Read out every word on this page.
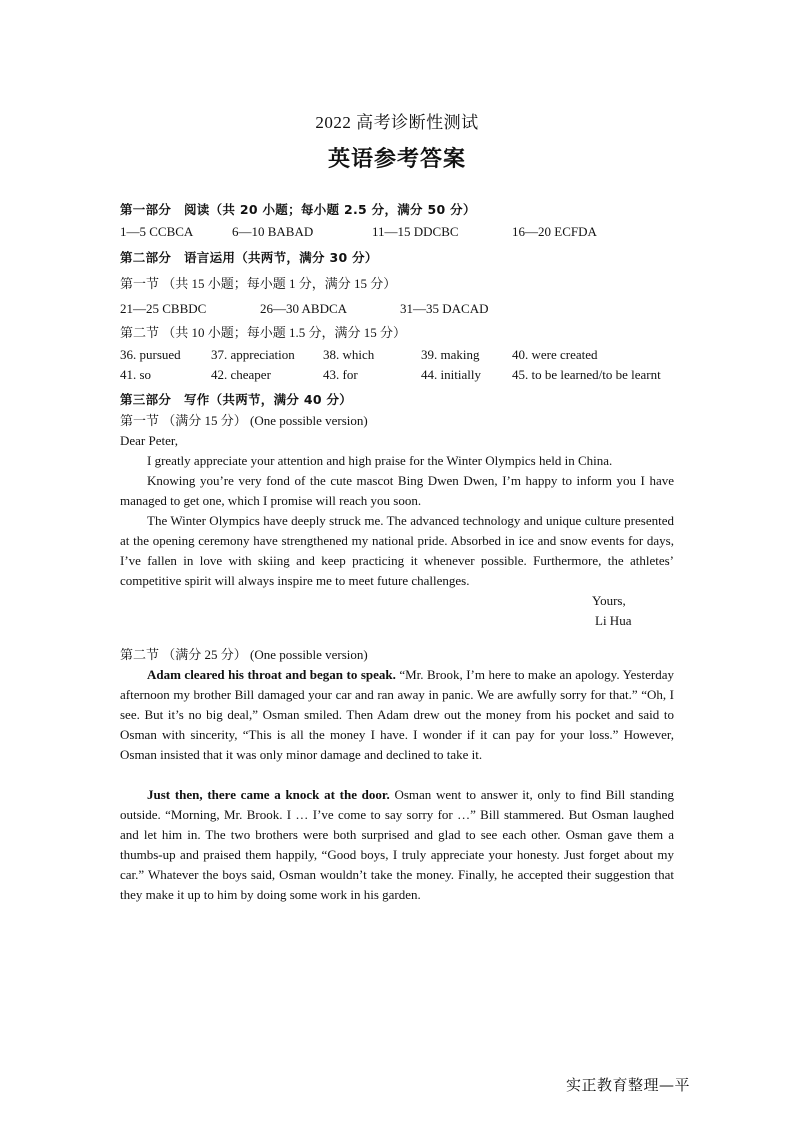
2022 高考诊断性测试
英语参考答案
第一部分　阅读（共 20 小题；每小题 2.5 分，满分 50 分）
1—5 CCBCA	6—10 BABAD	11—15 DDCBC	16—20 ECFDA
第二部分　语言运用（共两节，满分 30 分）
第一节 （共 15 小题；每小题 1 分，满分 15 分）
21—25 CBBDC	26—30 ABDCA	31—35 DACAD
第二节 （共 10 小题；每小题 1.5 分，满分 15 分）
36. pursued 37. appreciation 38. which	39. making	40. were created
41. so	42. cheaper	43. for	44. initially 45. to be learned/to be learnt
第三部分　写作（共两节，满分 40 分）
第一节 （满分 15 分） (One possible version)
Dear Peter,

I greatly appreciate your attention and high praise for the Winter Olympics held in China.

Knowing you’re very fond of the cute mascot Bing Dwen Dwen, I’m happy to inform you I have managed to get one, which I promise will reach you soon.

The Winter Olympics have deeply struck me. The advanced technology and unique culture presented at the opening ceremony have strengthened my national pride. Absorbed in ice and snow events for days, I’ve fallen in love with skiing and keep practicing it whenever possible. Furthermore, the athletes’ competitive spirit will always inspire me to meet future challenges.

Yours,
Li Hua
第二节 （满分 25 分） (One possible version)

Adam cleared his throat and began to speak. “Mr. Brook, I’m here to make an apology. Yesterday afternoon my brother Bill damaged your car and ran away in panic. We are awfully sorry for that.” “Oh, I see. But it’s no big deal,” Osman smiled. Then Adam drew out the money from his pocket and said to Osman with sincerity, “This is all the money I have. I wonder if it can pay for your loss.” However, Osman insisted that it was only minor damage and declined to take it.

Just then, there came a knock at the door. Osman went to answer it, only to find Bill standing outside. “Morning, Mr. Brook. I … I’ve come to say sorry for …” Bill stammered. But Osman laughed and let him in. The two brothers were both surprised and glad to see each other. Osman gave them a thumbs-up and praised them happily, “Good boys, I truly appreciate your honesty. Just forget about my car.” Whatever the boys said, Osman wouldn’t take the money. Finally, he accepted their suggestion that they make it up to him by doing some work in his garden.

实正教育整理—平
